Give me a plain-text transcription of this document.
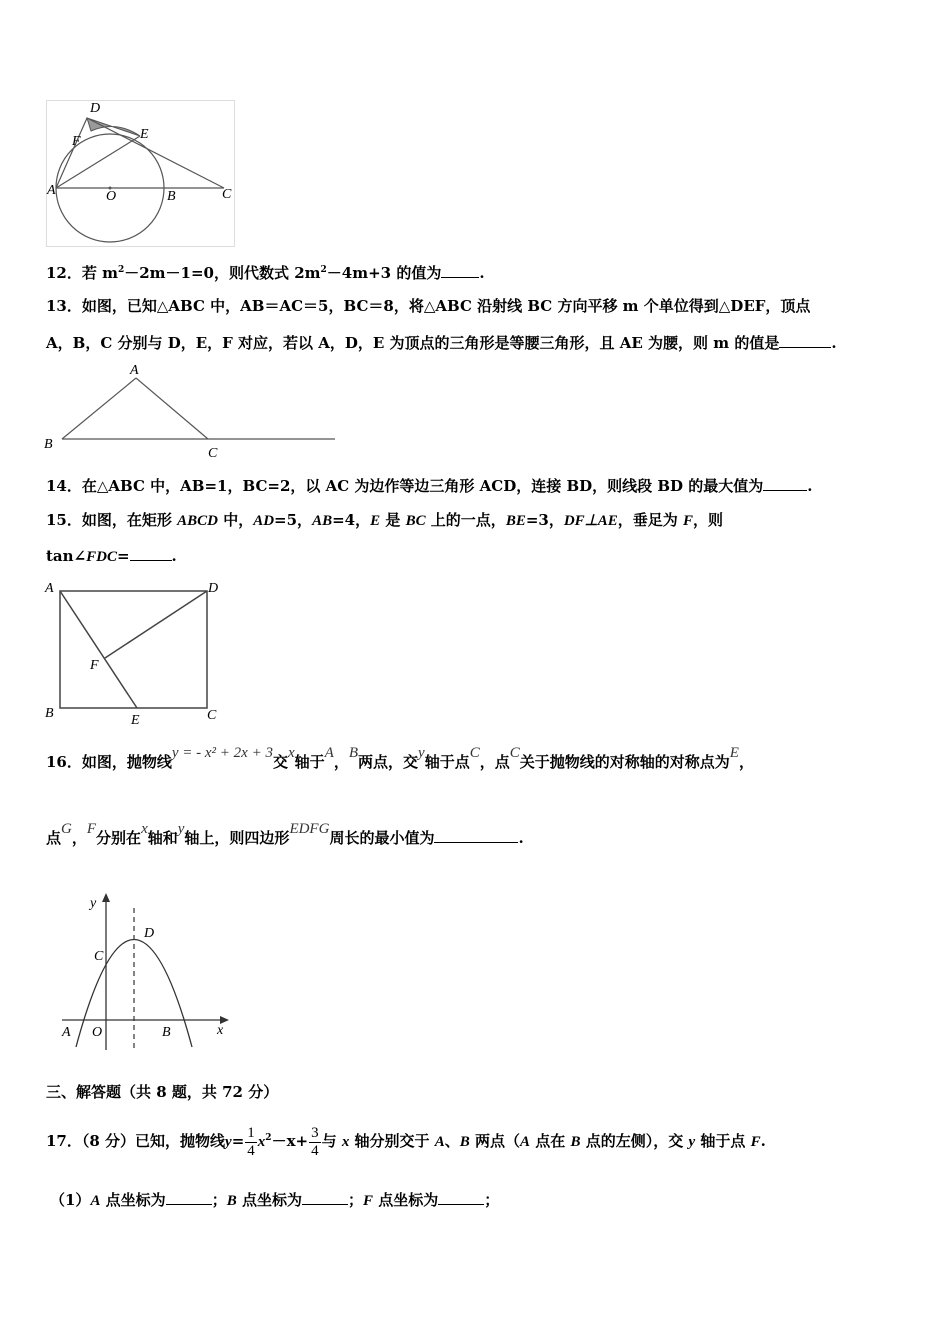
D
F	E
A	O	B	C
12．若 $m^2-2m-1=0$，则代数式 $2m^2-4m+3$ 的值为	.
13．如图，已知△ABC 中，AB＝AC＝5，BC＝8，将△ABC 沿射线 BC 方向平移 m 个单位得到△DEF，顶点
A，B，C 分别与 D，E，F 对应，若以 A，D，E 为顶点的三角形是等腰三角形，且 AE 为腰，则 m 的值是	.
A
B
C
14．在△ABC 中，AB=1，BC=2，以 AC 为边作等边三角形 ACD，连接 BD，则线段 BD 的最大值为	.
15．如图，在矩形 ABCD 中，AD=5，AB=4，E 是 BC 上的一点，BE=3，DF⊥AE，垂足为 F，则
tan∠FDC=	.
A	D
F
B	E	C
16．如图，抛物线y = - x² + 2x + 3交x轴于A，B两点，交y轴于点C，点C关于抛物线的对称轴的对称点为E，
点G，F分别在x轴和y轴上，则四边形EDFG周长的最小值为	.
y
x
D
C
A O	B
三、解答题（共 8 题，共 72 分）
17．（8 分）已知，抛物线$y= \frac{1}{4} x^2-x+ \frac{3}{4}$ 与 x 轴分别交于 A、B 两点（A 点在 B 点的左侧），交 y 轴于点 F.
（1）A 点坐标为	；B 点坐标为	；F 点坐标为	；
